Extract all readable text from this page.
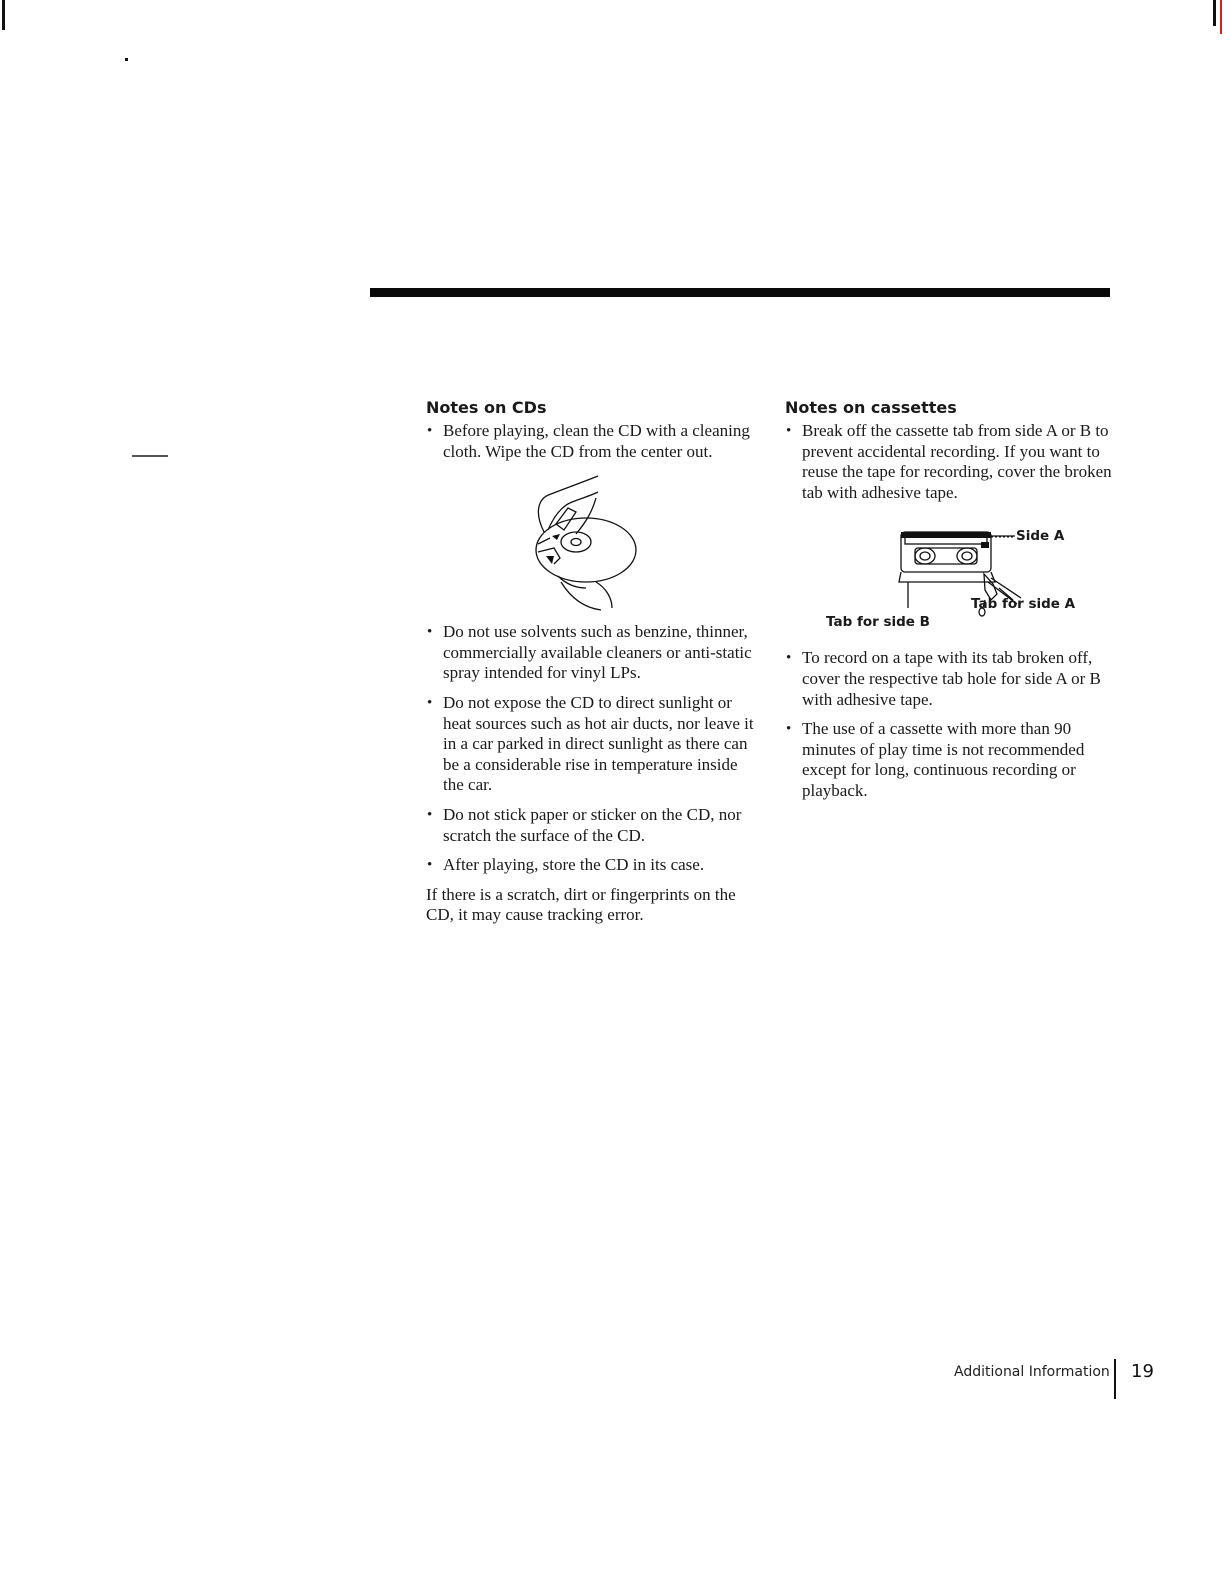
Notes on CDs
• Before playing, clean the CD with a cleaning cloth. Wipe the CD from the center out.
• Do not use solvents such as benzine, thinner, commercially available cleaners or anti-static spray intended for vinyl LPs.
• Do not expose the CD to direct sunlight or heat sources such as hot air ducts, nor leave it in a car parked in direct sunlight as there can be a considerable rise in temperature inside the car.
• Do not stick paper or sticker on the CD, nor scratch the surface of the CD.
• After playing, store the CD in its case.

If there is a scratch, dirt or fingerprints on the CD, it may cause tracking error.

Notes on cassettes
• Break off the cassette tab from side A or B to prevent accidental recording. If you want to reuse the tape for recording, cover the broken tab with adhesive tape.
Side A
Tab for side A
Tab for side B
• To record on a tape with its tab broken off, cover the respective tab hole for side A or B with adhesive tape.
• The use of a cassette with more than 90 minutes of play time is not recommended except for long, continuous recording or playback.
Additional Information 19
